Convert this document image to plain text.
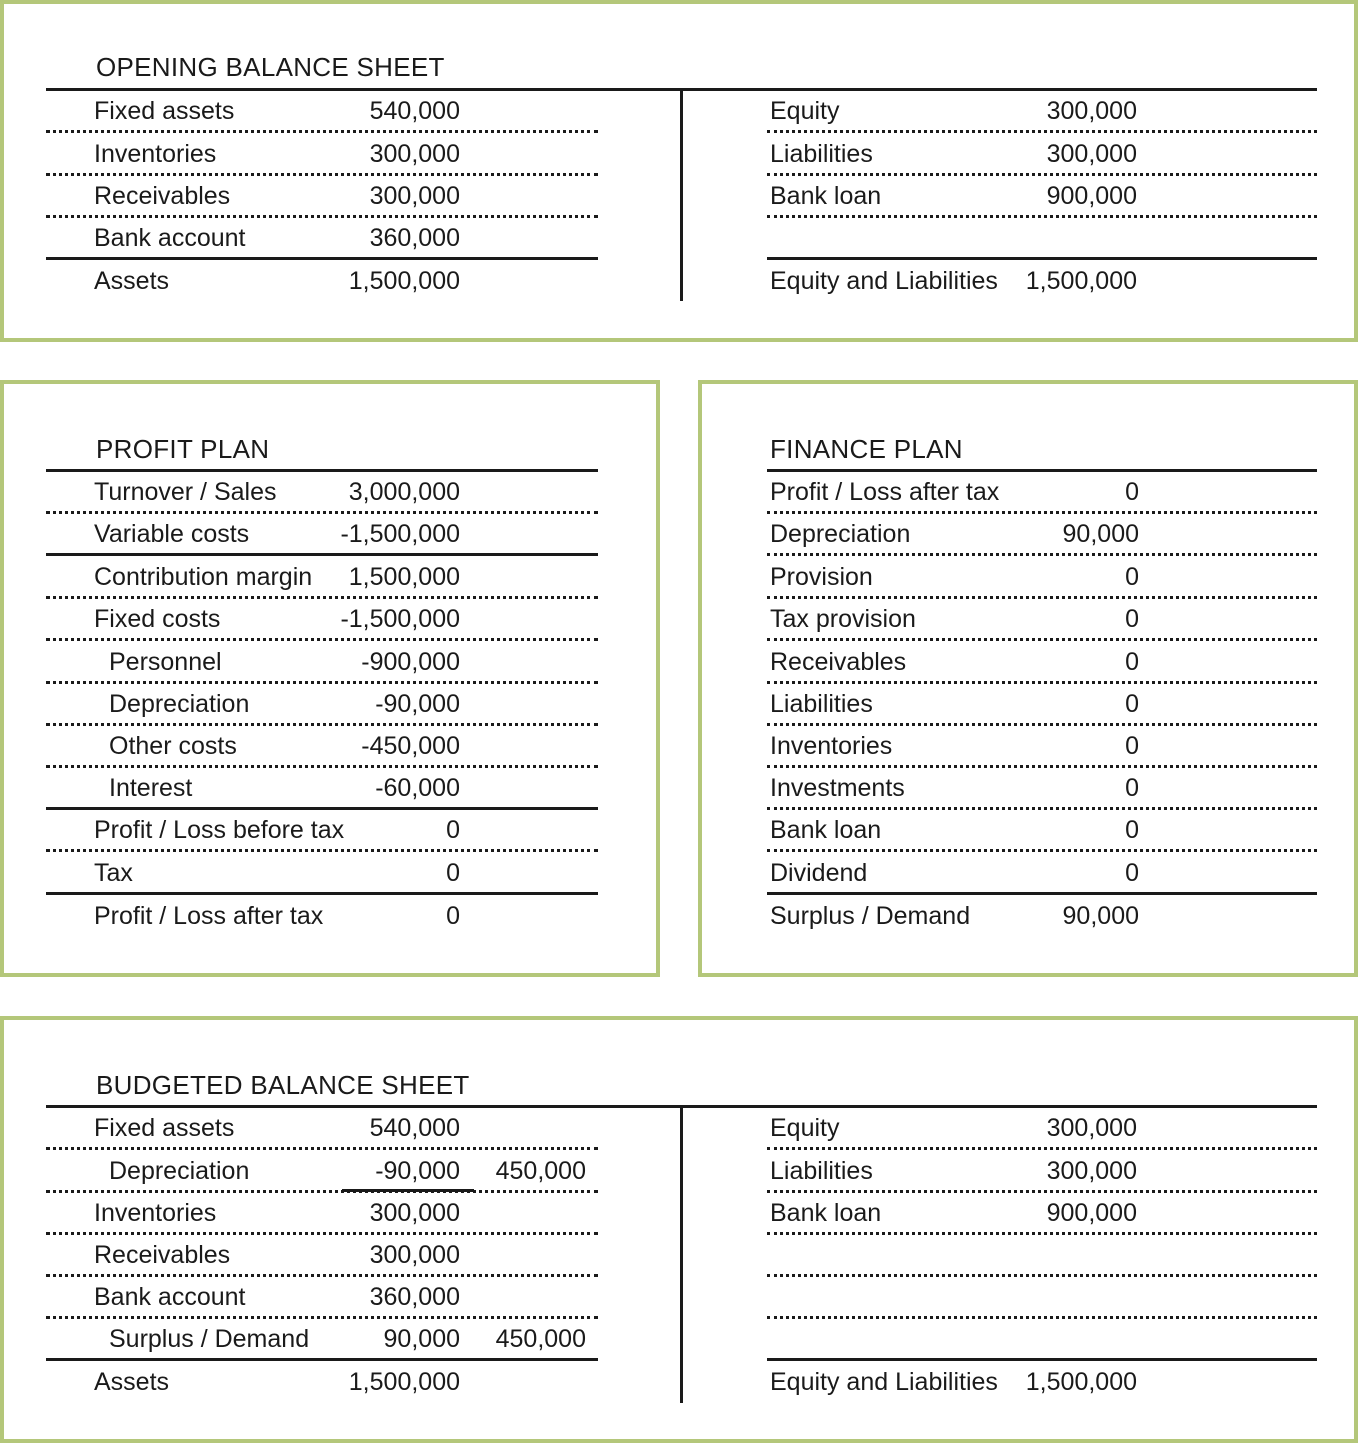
OPENING BALANCE SHEET
Fixed assets	540,000
Inventories	300,000
Receivables	300,000
Bank account	360,000
Assets	1,500,000
Equity	300,000
Liabilities	300,000
Bank loan	900,000
Equity and Liabilities 1,500,000
PROFIT PLAN
Turnover / Sales	3,000,000
Variable costs	-1,500,000
Contribution margin 1,500,000
Fixed costs	-1,500,000
Personnel	-900,000
Depreciation	-90,000
Other costs	-450,000
Interest	-60,000
Profit / Loss before tax	0
Tax	0
Profit / Loss after tax	0
FINANCE PLAN
Profit / Loss after tax	0
Depreciation	90,000
Provision	0
Tax provision	0
Receivables	0
Liabilities	0
Inventories	0
Investments	0
Bank loan	0
Dividend	0
Surplus / Demand	90,000
BUDGETED BALANCE SHEET
Fixed assets	540,000
Depreciation	-90,000 450,000
Inventories	300,000
Receivables	300,000
Bank account	360,000
Surplus / Demand	90,000 450,000
Assets	1,500,000
Equity	300,000
Liabilities	300,000
Bank loan	900,000
Equity and Liabilities 1,500,000
